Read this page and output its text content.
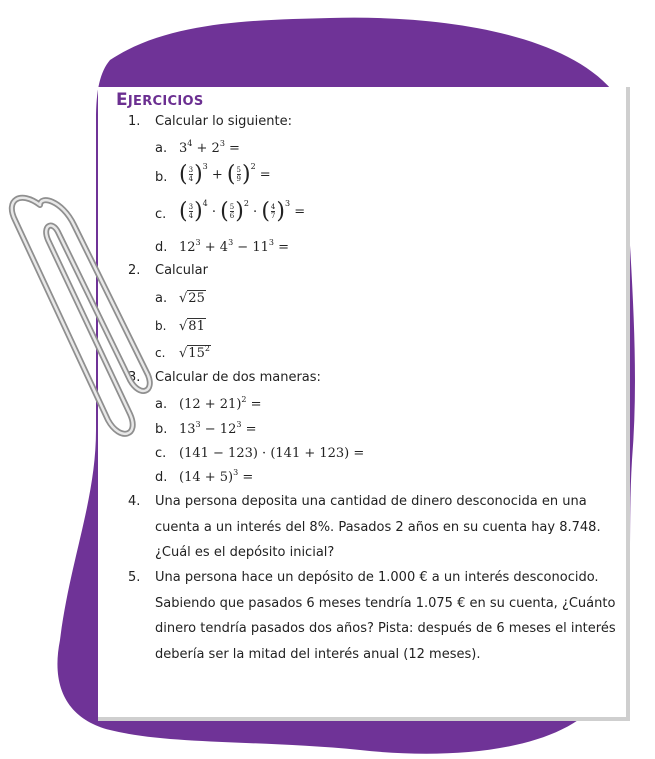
EJERCICIOS
1. Calcular lo siguiente:
a. $3^4 + 2^3$ =
b. ( $\frac{3}{4} )^3$ + ( $\frac{5}{9} )^2$ =
c. ( $\frac{3}{4} )^4$ · ( $\frac{5}{6} )^2$ · ( $\frac{4}{7} )^3$ =
d. $12^3 + 4^3 - 11^3$ =
2. Calcular
a. √25
b. √81
c. $√15^2$
3. Calcular de dos maneras:
a. $(12 + 21)^2$ =
b. $13^3 - 12^3$ =
c. (141 − 123) · (141 + 123) =
d. $(14 + 5)^3$ =
4. Una persona deposita una cantidad de dinero desconocida en una cuenta a un interés del 8%. Pasados 2 años en su cuenta hay 8.748. ¿Cuál es el depósito inicial?
5. Una persona hace un depósito de 1.000 € a un interés desconocido. Sabiendo que pasados 6 meses tendría 1.075 € en su cuenta, ¿Cuánto dinero tendría pasados dos años? Pista: después de 6 meses el interés debería ser la mitad del interés anual (12 meses).
